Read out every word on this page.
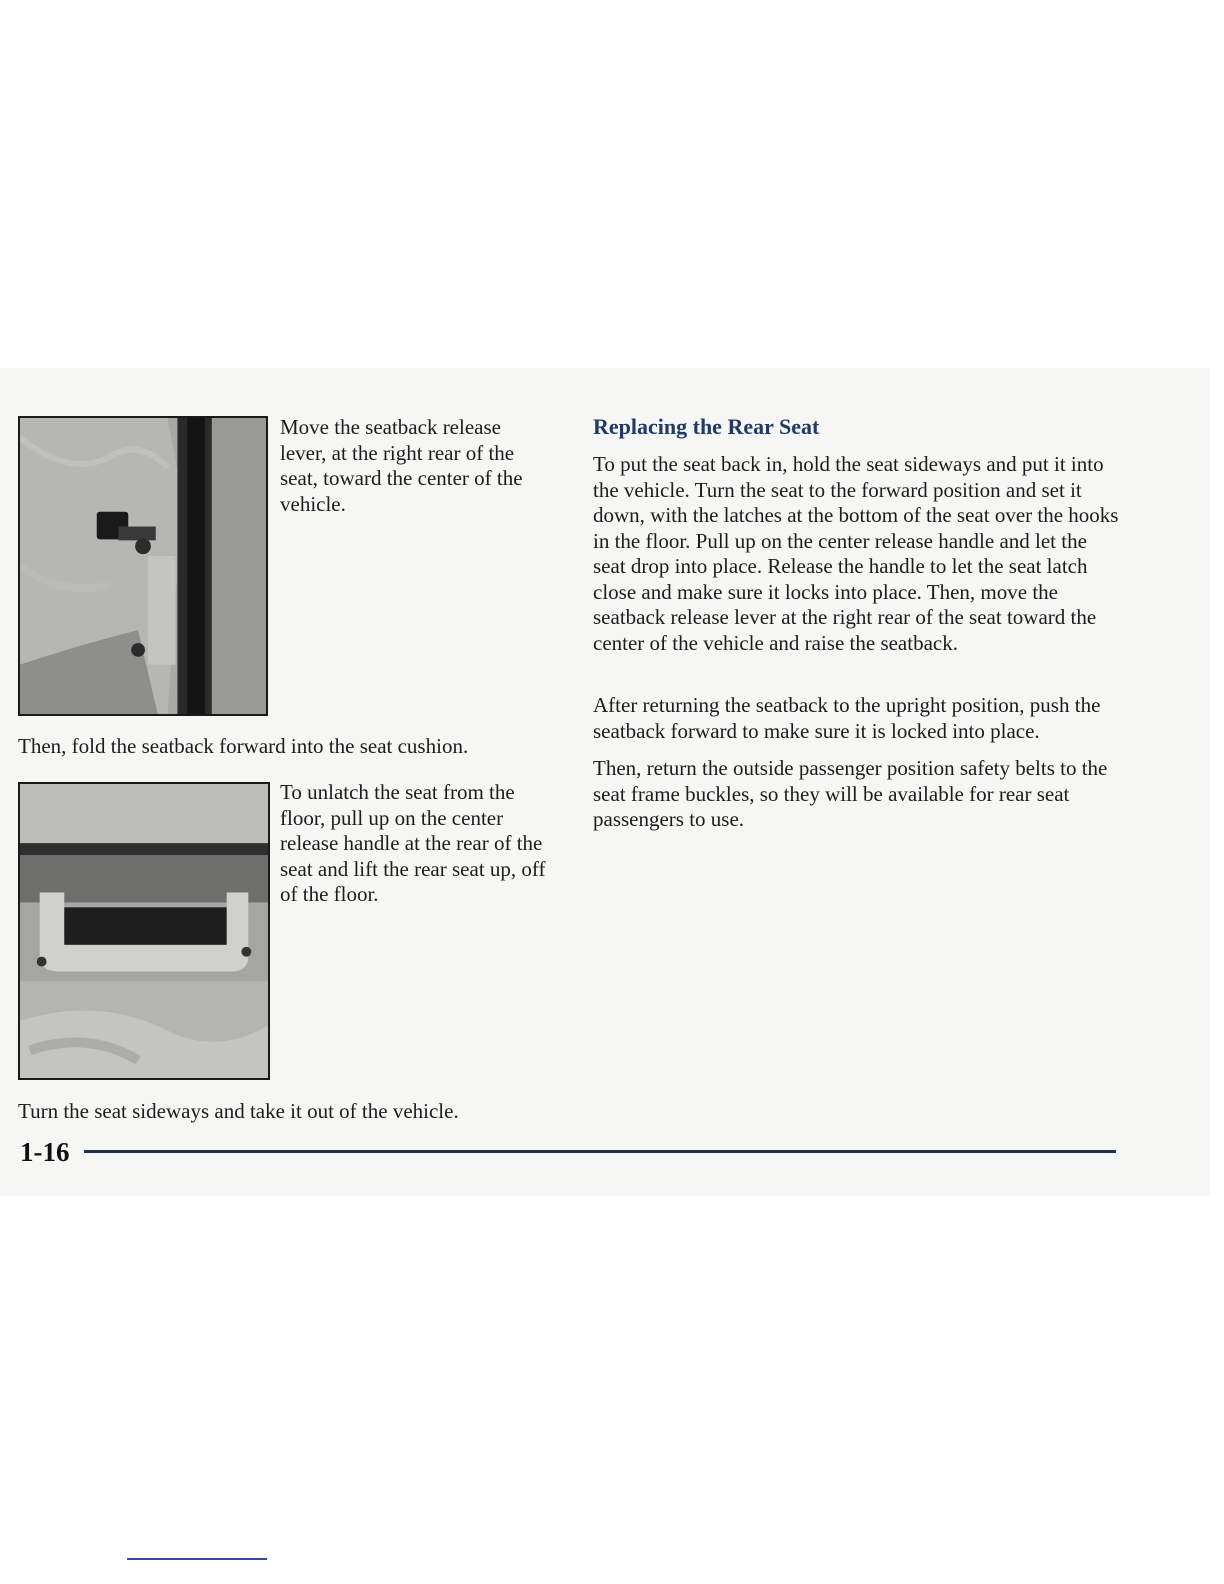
Move the seatback release lever, at the right rear of the seat, toward the center of the vehicle.

Then, fold the seatback forward into the seat cushion.

To unlatch the seat from the floor, pull up on the center release handle at the rear of the seat and lift the rear seat up, off of the floor.

Turn the seat sideways and take it out of the vehicle.

Replacing the Rear Seat

To put the seat back in, hold the seat sideways and put it into the vehicle. Turn the seat to the forward position and set it down, with the latches at the bottom of the seat over the hooks in the floor. Pull up on the center release handle and let the seat drop into place. Release the handle to let the seat latch close and make sure it locks into place. Then, move the seatback release lever at the right rear of the seat toward the center of the vehicle and raise the seatback.

After returning the seatback to the upright position, push the seatback forward to make sure it is locked into place.

Then, return the outside passenger position safety belts to the seat frame buckles, so they will be available for rear seat passengers to use.

1-16
